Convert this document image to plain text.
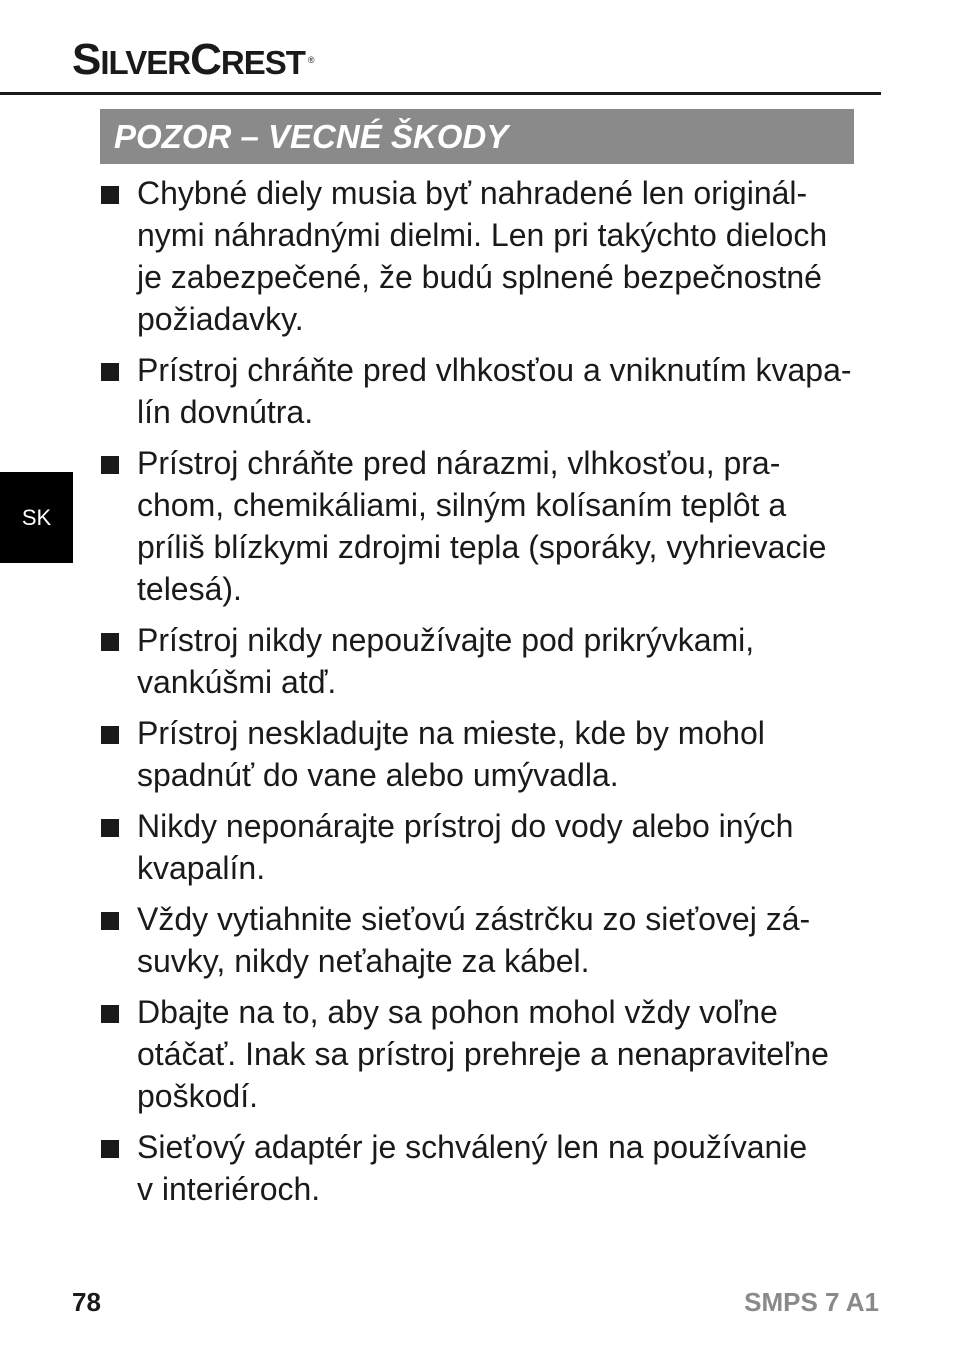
SILVERCREST ®
POZOR – VECNÉ ŠKODY
Chybné diely musia byť nahradené len originál-
nymi náhradnými dielmi. Len pri takýchto dieloch
je zabezpečené, že budú splnené bezpečnostné
požiadavky.
Prístroj chráňte pred vlhkosťou a vniknutím kvapa-
lín dovnútra.
Prístroj chráňte pred nárazmi, vlhkosťou, pra-
chom, chemikáliami, silným kolísaním teplôt a
príliš blízkymi zdrojmi tepla (sporáky, vyhrievacie
telesá).
Prístroj nikdy nepoužívajte pod prikrývkami,
vankúšmi atď.
Prístroj neskladujte na mieste, kde by mohol
spadnúť do vane alebo umývadla.
Nikdy neponárajte prístroj do vody alebo iných
kvapalín.
Vždy vytiahnite sieťovú zástrčku zo sieťovej zá-
suvky, nikdy neťahajte za kábel.
Dbajte na to, aby sa pohon mohol vždy voľne
otáčať. Inak sa prístroj prehreje a nenapraviteľne
poškodí.
Sieťový adaptér je schválený len na používanie
v interiéroch.
SK
78	SMPS 7 A1
